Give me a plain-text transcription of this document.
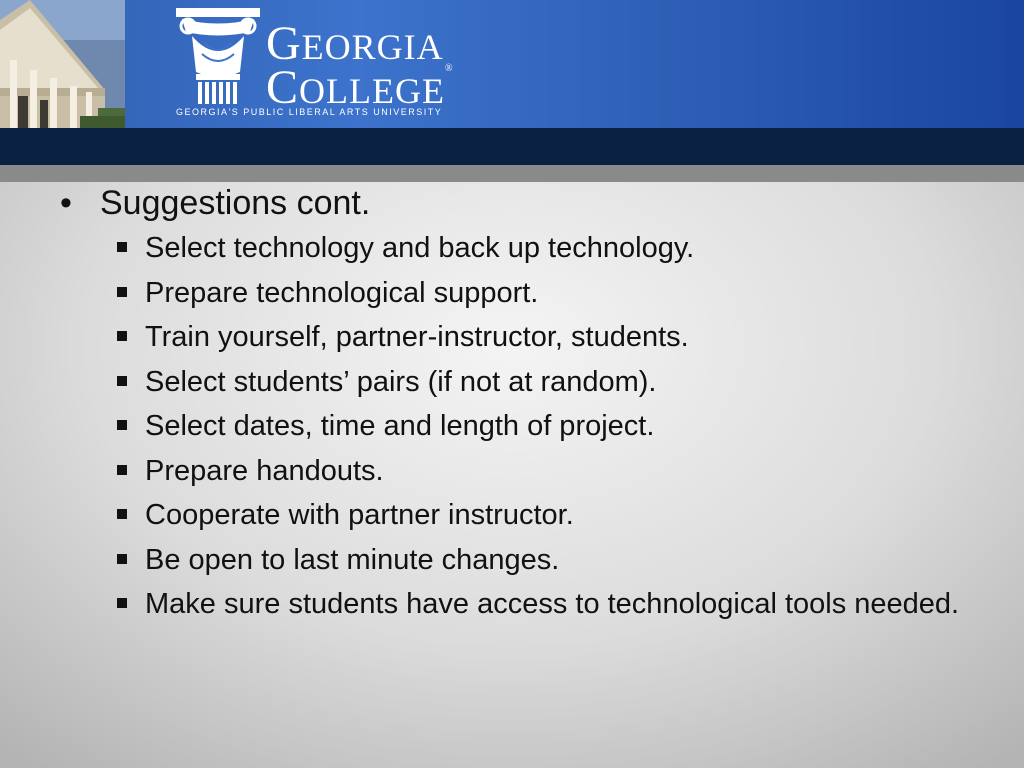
GEORGIA
COLLEGE®
GEORGIA'S PUBLIC LIBERAL ARTS UNIVERSITY
• Suggestions cont.
Select technology and back up technology.
Prepare technological support.
Train yourself, partner-instructor, students.
Select students’ pairs (if not at random).
Select dates, time and length of project.
Prepare handouts.
Cooperate with partner instructor.
Be open to last minute changes.
Make sure students have access to technological tools needed.
